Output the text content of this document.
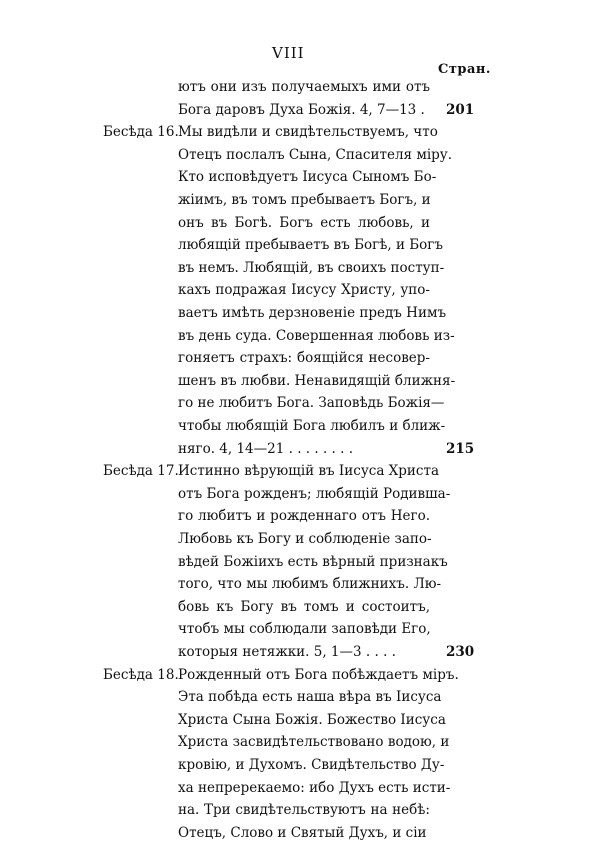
VIII
Стран.
ютъ они изъ получаемыхъ ими отъ
Бога даровъ Духа Божія. 4, 7—13 .	201
Бесѣда 16. Мы видѣли и свидѣтельствуемъ, что
Отецъ послалъ Сына, Спасителя міру.
Кто исповѣдуетъ Іисуса Сыномъ Бо-
жіимъ, въ томъ пребываетъ Богъ, и
онъ въ Богѣ. Богъ есть любовь, и
любящій пребываетъ въ Богѣ, и Богъ
въ немъ. Любящій, въ своихъ поступ-
кахъ подражая Іисусу Христу, упо-
ваетъ имѣть дерзновеніе предъ Нимъ
въ день суда. Совершенная любовь из-
гоняетъ страхъ: боящійся несовер-
шенъ въ любви. Ненавидящій ближня-
го не любитъ Бога. Заповѣдь Божія—
чтобы любящій Бога любилъ и ближ-
няго. 4, 14—21 . . . . . . . .	215
Бесѣда 17. Истинно вѣрующій въ Іисуса Христа
отъ Бога рожденъ; любящій Родивша-
го любитъ и рожденнаго отъ Него.
Любовь къ Богу и соблюденіе запо-
вѣдей Божіихъ есть вѣрный признакъ
того, что мы любимъ ближнихъ. Лю-
бовь къ Богу въ томъ и состоитъ,
чтобъ мы соблюдали заповѣди Его,
которыя нетяжки. 5, 1—3 . . . .	230
Бесѣда 18. Рожденный отъ Бога побѣждаетъ міръ.
Эта побѣда есть наша вѣра въ Іисуса
Христа Сына Божія. Божество Іисуса
Христа засвидѣтельствовано водою, и
кровію, и Духомъ. Свидѣтельство Ду-
ха непререкаемо: ибо Духъ есть исти-
на. Три свидѣтельствуютъ на небѣ:
Отецъ, Слово и Святый Духъ, и сіи
